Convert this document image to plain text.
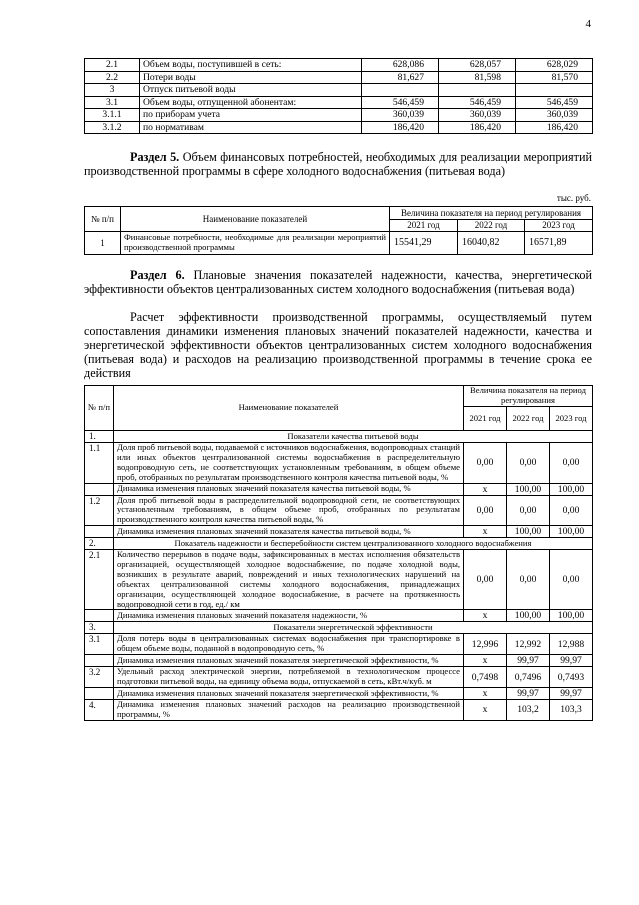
4
2.1	Объем воды, поступившей в сеть:	628,086	628,057	628,029
2.2	Потери воды	81,627	81,598	81,570
3	Отпуск питьевой воды			
3.1	Объем воды, отпущенной абонентам:	546,459	546,459	546,459
3.1.1	по приборам учета	360,039	360,039	360,039
3.1.2	по нормативам	186,420	186,420	186,420
Раздел 5. Объем финансовых потребностей, необходимых для реализации мероприятий производственной программы в сфере холодного водоснабжения (питьевая вода)
тыс. руб.
№ п/п	Наименование показателей	Величина показателя на период регулирования		
		2021 год	2022 год	2023 год
1	Финансовые потребности, необходимые для реализации мероприятий производственной программы	15541,29	16040,82	16571,89
Раздел 6. Плановые значения показателей надежности, качества, энергетической эффективности объектов централизованных систем холодного водоснабжения (питьевая вода)
Расчет эффективности производственной программы, осуществляемый путем сопоставления динамики изменения плановых значений показателей надежности, качества и энергетической эффективности объектов централизованных систем холодного водоснабжения (питьевая вода) и расходов на реализацию производственной программы в течение срока ее действия
№ п/п	Наименование показателей	Величина показателя на период регулирования		
		2021 год	2022 год	2023 год
1.	Показатели качества питьевой воды			
1.1	Доля проб питьевой воды, подаваемой с источников водоснабжения, водопроводных станций или иных объектов централизованной системы водоснабжения в распределительную водопроводную сеть, не соответствующих установленным требованиям, в общем объеме проб, отобранных по результатам производственного контроля качества питьевой воды, %	0,00	0,00	0,00
	Динамика изменения плановых значений показателя качества питьевой воды, %	x	100,00	100,00
1.2	Доля проб питьевой воды в распределительной водопроводной сети, не соответствующих установленным требованиям, в общем объеме проб, отобранных по результатам производственного контроля качества питьевой воды, %	0,00	0,00	0,00
	Динамика изменения плановых значений показателя качества питьевой воды, %	x	100,00	100,00
2.	Показатель надежности и бесперебойности систем централизованного холодного водоснабжения			
2.1	Количество перерывов в подаче воды, зафиксированных в местах исполнения обязательств организацией, осуществляющей холодное водоснабжение, по подаче холодной воды, возникших в результате аварий, повреждений и иных технологических нарушений на объектах централизованной системы холодного водоснабжения, принадлежащих организации, осуществляющей холодное водоснабжение, в расчете на протяженность водопроводной сети в год, ед./ км	0,00	0,00	0,00
	Динамика изменения плановых значений показателя надежности, %	x	100,00	100,00
3.	Показатели энергетической эффективности			
3.1	Доля потерь воды в централизованных системах водоснабжения при транспортировке в общем объеме воды, поданной в водопроводную сеть, %	12,996	12,992	12,988
	Динамика изменения плановых значений показателя энергетической эффективности, %	x	99,97	99,97
3.2	Удельный расход электрической энергии, потребляемой в технологическом процессе подготовки питьевой воды, на единицу объема воды, отпускаемой в сеть, кВт.ч/куб. м	0,7498	0,7496	0,7493
	Динамика изменения плановых значений показателя энергетической эффективности, %	x	99,97	99,97
4.	Динамика изменения плановых значений расходов на реализацию производственной программы, %	x	103,2	103,3
